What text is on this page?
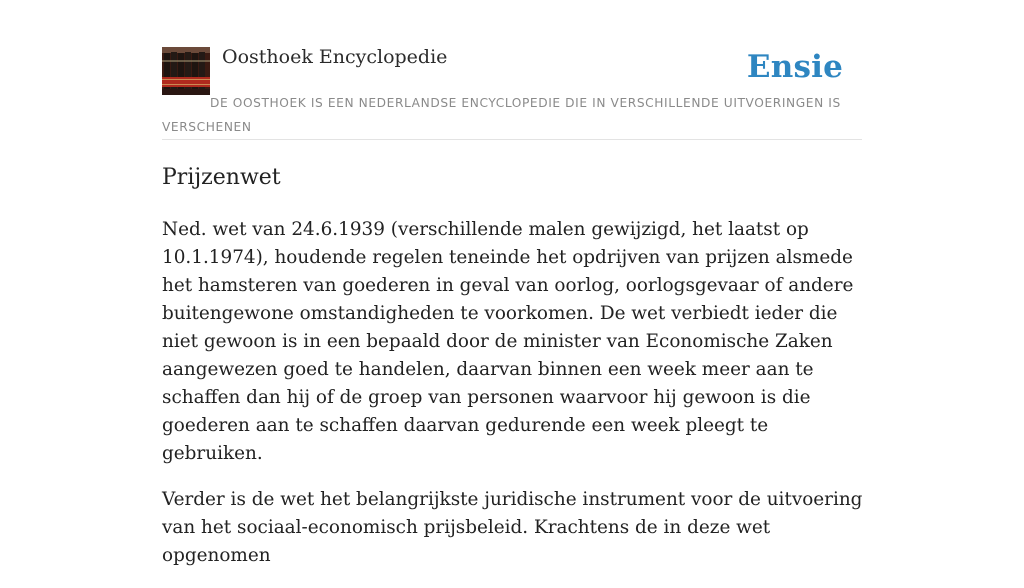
Oosthoek Encyclopedie	Ensie

DE OOSTHOEK IS EEN NEDERLANDSE ENCYCLOPEDIE DIE IN VERSCHILLENDE UITVOERINGEN IS VERSCHENEN

Prijzenwet

Ned. wet van 24.6.1939 (verschillende malen gewijzigd, het laatst op 10.1.1974), houdende regelen teneinde het opdrijven van prijzen alsmede het hamsteren van goederen in geval van oorlog, oorlogsgevaar of andere buitengewone omstandigheden te voorkomen. De wet verbiedt ieder die niet gewoon is in een bepaald door de minister van Economische Zaken aangewezen goed te handelen, daarvan binnen een week meer aan te schaffen dan hij of de groep van personen waarvoor hij gewoon is die goederen aan te schaffen daarvan gedurende een week pleegt te gebruiken.

Verder is de wet het belangrijkste juridische instrument voor de uitvoering van het sociaal-economisch prijsbeleid. Krachtens de in deze wet opgenomen
